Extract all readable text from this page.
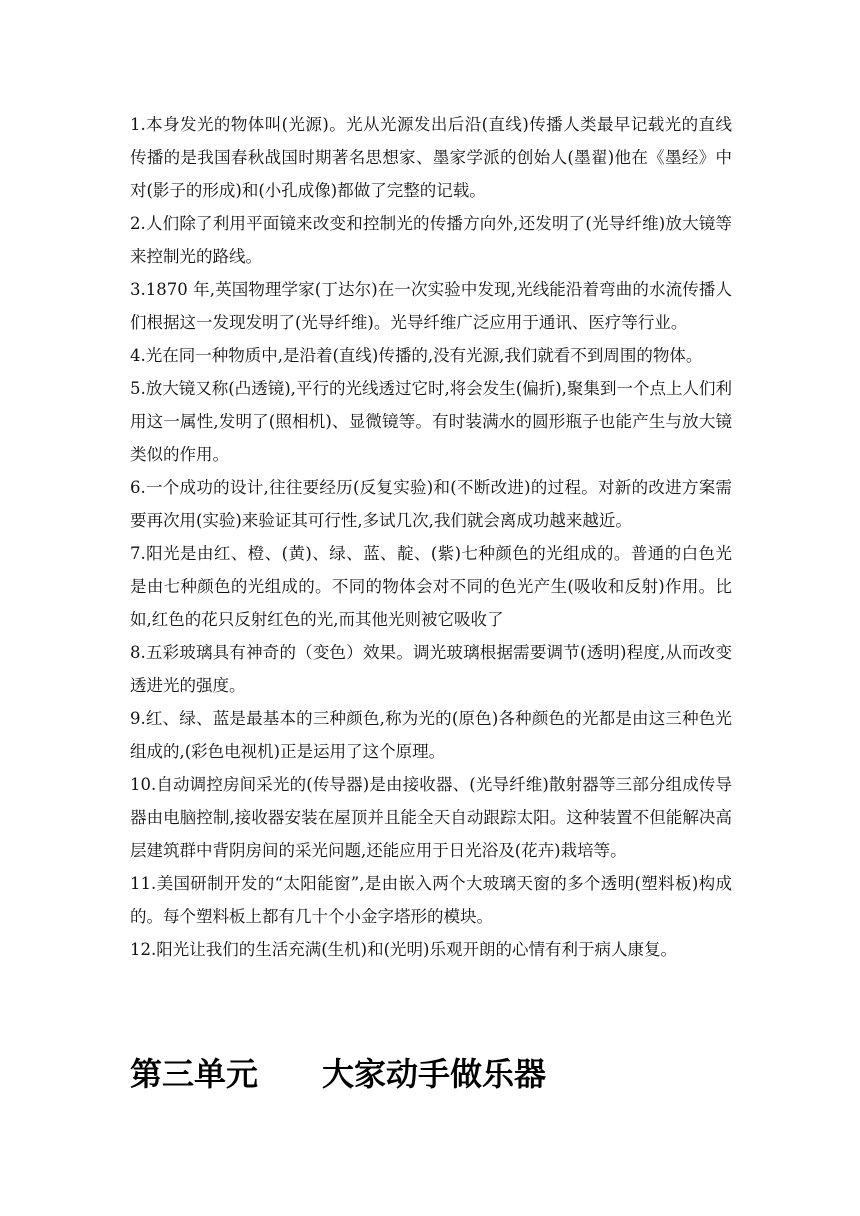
1.本身发光的物体叫(光源)。光从光源发出后沿(直线)传播人类最早记载光的直线传播的是我国春秋战国时期著名思想家、墨家学派的创始人(墨翟)他在《墨经》中对(影子的形成)和(小孔成像)都做了完整的记载。

2.人们除了利用平面镜来改变和控制光的传播方向外,还发明了(光导纤维)放大镜等来控制光的路线。

3.1870 年,英国物理学家(丁达尔)在一次实验中发现,光线能沿着弯曲的水流传播人们根据这一发现发明了(光导纤维)。光导纤维广泛应用于通讯、医疗等行业。

4.光在同一种物质中,是沿着(直线)传播的,没有光源,我们就看不到周围的物体。

5.放大镜又称(凸透镜),平行的光线透过它时,将会发生(偏折),聚集到一个点上人们利用这一属性,发明了(照相机)、显微镜等。有时装满水的圆形瓶子也能产生与放大镜类似的作用。

6.一个成功的设计,往往要经历(反复实验)和(不断改进)的过程。对新的改进方案需要再次用(实验)来验证其可行性,多试几次,我们就会离成功越来越近。

7.阳光是由红、橙、(黄)、绿、蓝、靛、(紫)七种颜色的光组成的。普通的白色光是由七种颜色的光组成的。不同的物体会对不同的色光产生(吸收和反射)作用。比如,红色的花只反射红色的光,而其他光则被它吸收了

8.五彩玻璃具有神奇的（变色）效果。调光玻璃根据需要调节(透明)程度,从而改变透进光的强度。

9.红、绿、蓝是最基本的三种颜色,称为光的(原色)各种颜色的光都是由这三种色光组成的,(彩色电视机)正是运用了这个原理。

10.自动调控房间采光的(传导器)是由接收器、(光导纤维)散射器等三部分组成传导器由电脑控制,接收器安装在屋顶并且能全天自动跟踪太阳。这种装置不但能解决高层建筑群中背阴房间的采光问题,还能应用于日光浴及(花卉)栽培等。

11.美国研制开发的“太阳能窗”,是由嵌入两个大玻璃天窗的多个透明(塑料板)构成的。每个塑料板上都有几十个小金字塔形的模块。

12.阳光让我们的生活充满(生机)和(光明)乐观开朗的心情有利于病人康复。

第三单元　　大家动手做乐器
